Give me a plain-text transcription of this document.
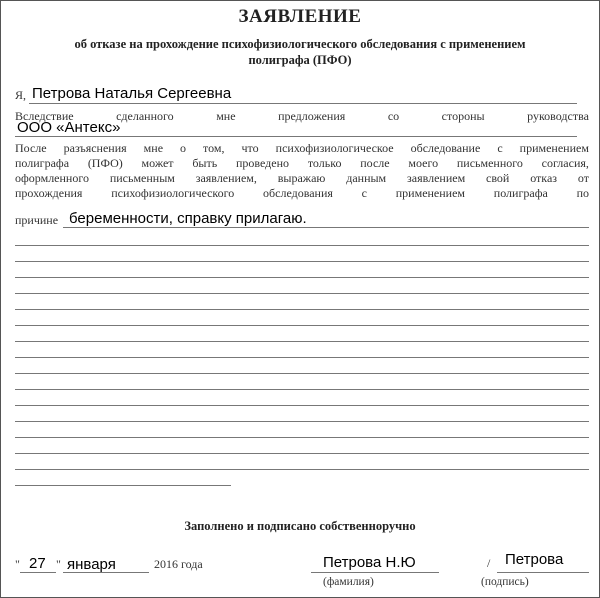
ЗАЯВЛЕНИЕ
об отказе на прохождение психофизиологического обследования с применением
полиграфа (ПФО)
Я, Петрова Наталья Сергеевна
Вследствие	сделанного	мне	предложения	со	стороны	руководства
ООО «Антекс»
После разъяснения мне о том, что психофизиологическое обследование с применением
полиграфа (ПФО) может быть проведено только после моего письменного согласия,
оформленного письменным заявлением, выражаю данным заявлением свой отказ от
прохождения психофизиологического обследования с применением полиграфа по
причине беременности, справку прилагаю.
Заполнено и подписано собственноручно
" 27 " января	2016 года	Петрова Н.Ю
(фамилия)
/ Петрова
(подпись)
